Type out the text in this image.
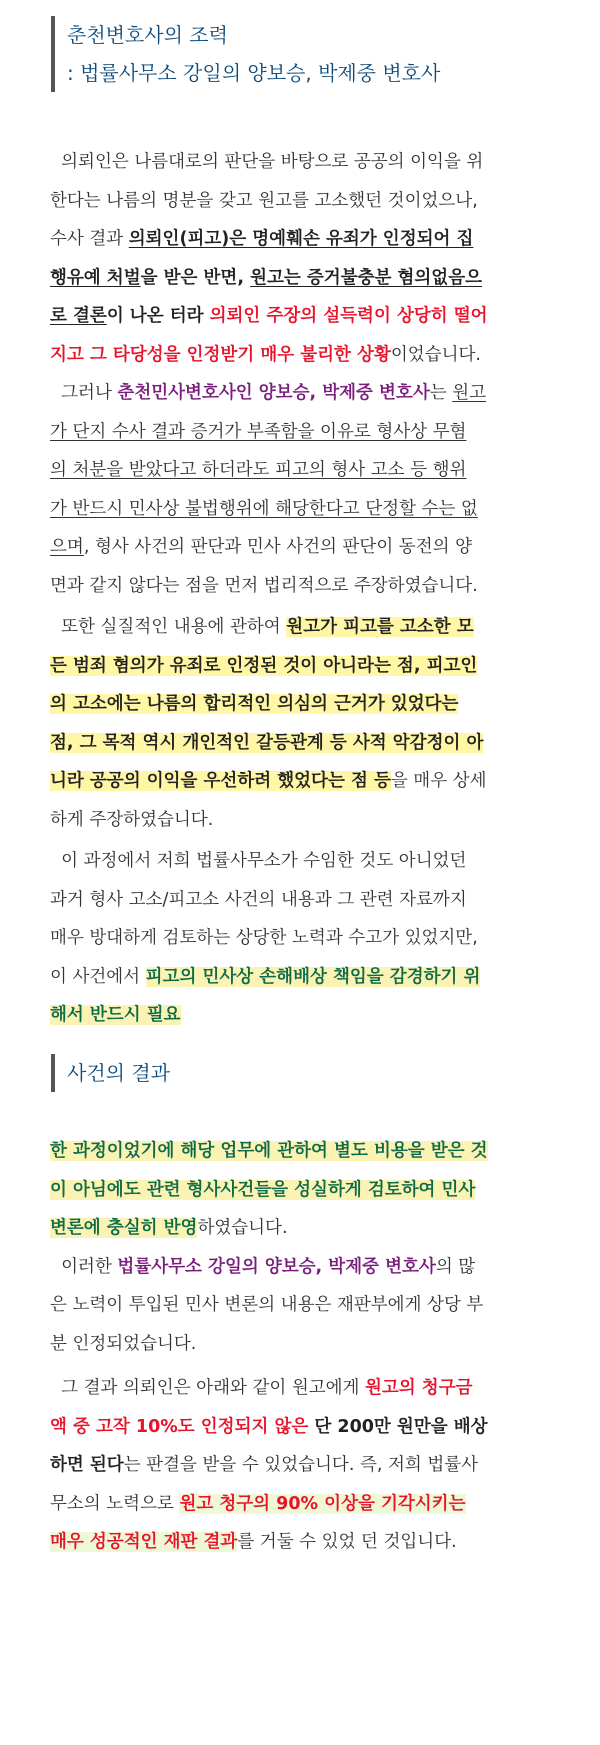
춘천변호사의 조력
: 법률사무소 강일의 양보승, 박제중 변호사
의뢰인은 나름대로의 판단을 바탕으로 공공의 이익을 위
한다는 나름의 명분을 갖고 원고를 고소했던 것이었으나,
수사 결과 의뢰인(피고)은 명예훼손 유죄가 인정되어 집
행유예 처벌을 받은 반면, 원고는 증거불충분 혐의없음으
로 결론이 나온 터라 의뢰인 주장의 설득력이 상당히 떨어
지고 그 타당성을 인정받기 매우 불리한 상황이었습니다.
그러나 춘천민사변호사인 양보승, 박제중 변호사는 원고
가 단지 수사 결과 증거가 부족함을 이유로 형사상 무혐
의 처분을 받았다고 하더라도 피고의 형사 고소 등 행위
가 반드시 민사상 불법행위에 해당한다고 단정할 수는 없
으며, 형사 사건의 판단과 민사 사건의 판단이 동전의 양
면과 같지 않다는 점을 먼저 법리적으로 주장하였습니다.
또한 실질적인 내용에 관하여 원고가 피고를 고소한 모
든 범죄 혐의가 유죄로 인정된 것이 아니라는 점, 피고인
의 고소에는 나름의 합리적인 의심의 근거가 있었다는
점, 그 목적 역시 개인적인 갈등관계 등 사적 악감정이 아
니라 공공의 이익을 우선하려 했었다는 점 등을 매우 상세
하게 주장하였습니다.
이 과정에서 저희 법률사무소가 수임한 것도 아니었던
과거 형사 고소/피고소 사건의 내용과 그 관련 자료까지
매우 방대하게 검토하는 상당한 노력과 수고가 있었지만,
이 사건에서 피고의 민사상 손해배상 책임을 감경하기 위
해서 반드시 필요
사건의 결과
한 과정이었기에 해당 업무에 관하여 별도 비용을 받은 것
이 아님에도 관련 형사사건들을 성실하게 검토하여 민사
변론에 충실히 반영하였습니다.
이러한 법률사무소 강일의 양보승, 박제중 변호사의 많
은 노력이 투입된 민사 변론의 내용은 재판부에게 상당 부
분 인정되었습니다.
그 결과 의뢰인은 아래와 같이 원고에게 원고의 청구금
액 중 고작 10%도 인정되지 않은 단 200만 원만을 배상
하면 된다는 판결을 받을 수 있었습니다. 즉, 저희 법률사
무소의 노력으로 원고 청구의 90% 이상을 기각시키는
매우 성공적인 재판 결과를 거둘 수 있었 던 것입니다.
